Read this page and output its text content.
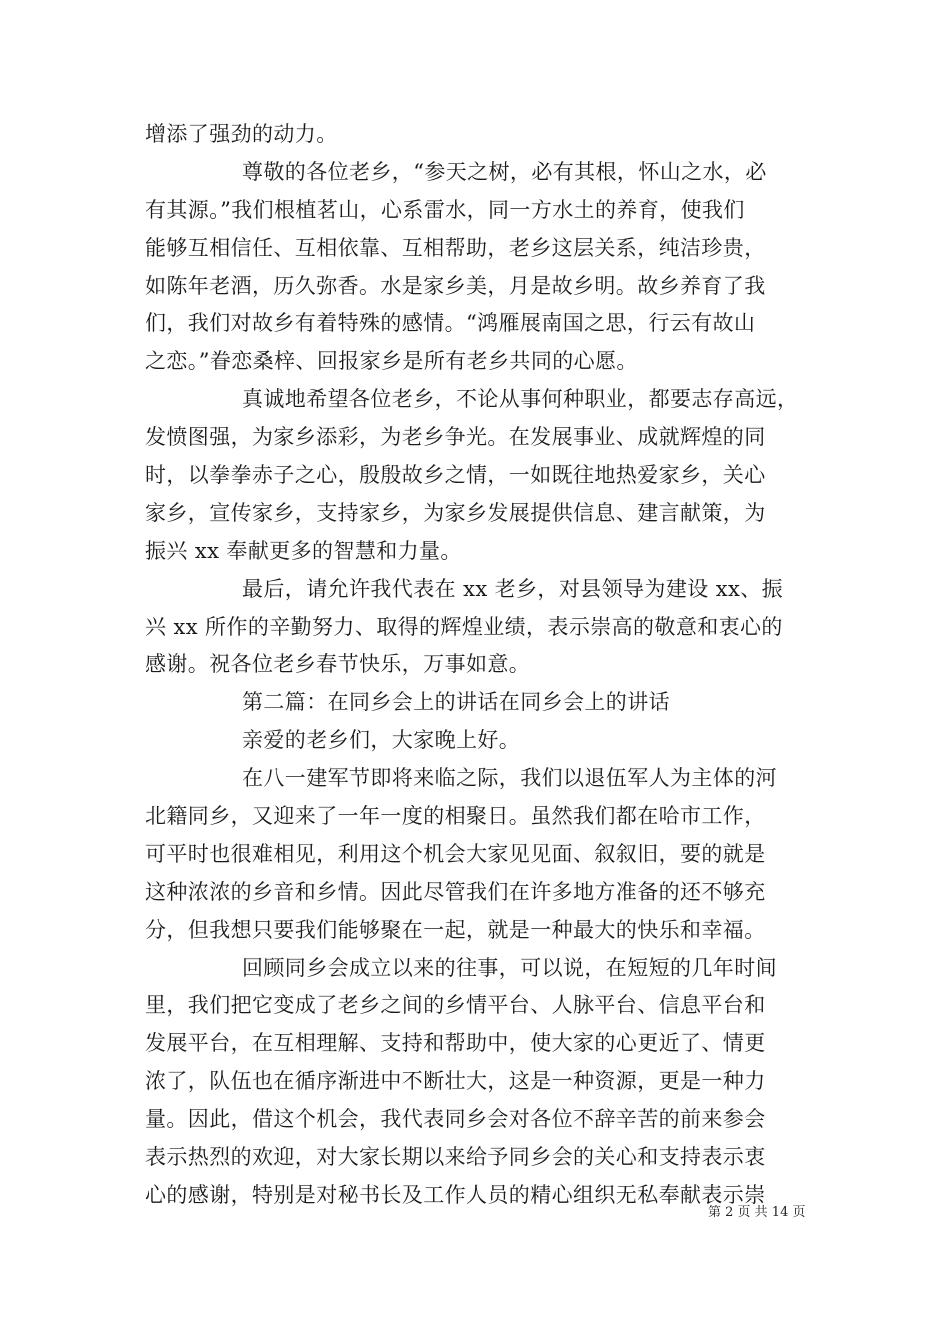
增添了强劲的动力。
尊敬的各位老乡，“参天之树，必有其根，怀山之水，必
有其源。”我们根植茗山，心系雷水，同一方水土的养育，使我们
能够互相信任、互相依靠、互相帮助，老乡这层关系，纯洁珍贵，
如陈年老酒，历久弥香。水是家乡美，月是故乡明。故乡养育了我
们，我们对故乡有着特殊的感情。“鸿雁展南国之思，行云有故山
之恋。”眷恋桑梓、回报家乡是所有老乡共同的心愿。
真诚地希望各位老乡，不论从事何种职业，都要志存高远，
发愤图强，为家乡添彩，为老乡争光。在发展事业、成就辉煌的同
时，以拳拳赤子之心，殷殷故乡之情，一如既往地热爱家乡，关心
家乡，宣传家乡，支持家乡，为家乡发展提供信息、建言献策，为
振兴 xx 奉献更多的智慧和力量。
最后，请允许我代表在 xx 老乡，对县领导为建设 xx、振
兴 xx 所作的辛勤努力、取得的辉煌业绩，表示崇高的敬意和衷心的
感谢。祝各位老乡春节快乐，万事如意。
第二篇：在同乡会上的讲话在同乡会上的讲话
亲爱的老乡们，大家晚上好。
在八一建军节即将来临之际，我们以退伍军人为主体的河
北籍同乡，又迎来了一年一度的相聚日。虽然我们都在哈市工作，
可平时也很难相见，利用这个机会大家见见面、叙叙旧，要的就是
这种浓浓的乡音和乡情。因此尽管我们在许多地方准备的还不够充
分，但我想只要我们能够聚在一起，就是一种最大的快乐和幸福。
回顾同乡会成立以来的往事，可以说，在短短的几年时间
里，我们把它变成了老乡之间的乡情平台、人脉平台、信息平台和
发展平台，在互相理解、支持和帮助中，使大家的心更近了、情更
浓了，队伍也在循序渐进中不断壮大，这是一种资源，更是一种力
量。因此，借这个机会，我代表同乡会对各位不辞辛苦的前来参会
表示热烈的欢迎，对大家长期以来给予同乡会的关心和支持表示衷
心的感谢，特别是对秘书长及工作人员的精心组织无私奉献表示崇
第 2 页 共 14 页
